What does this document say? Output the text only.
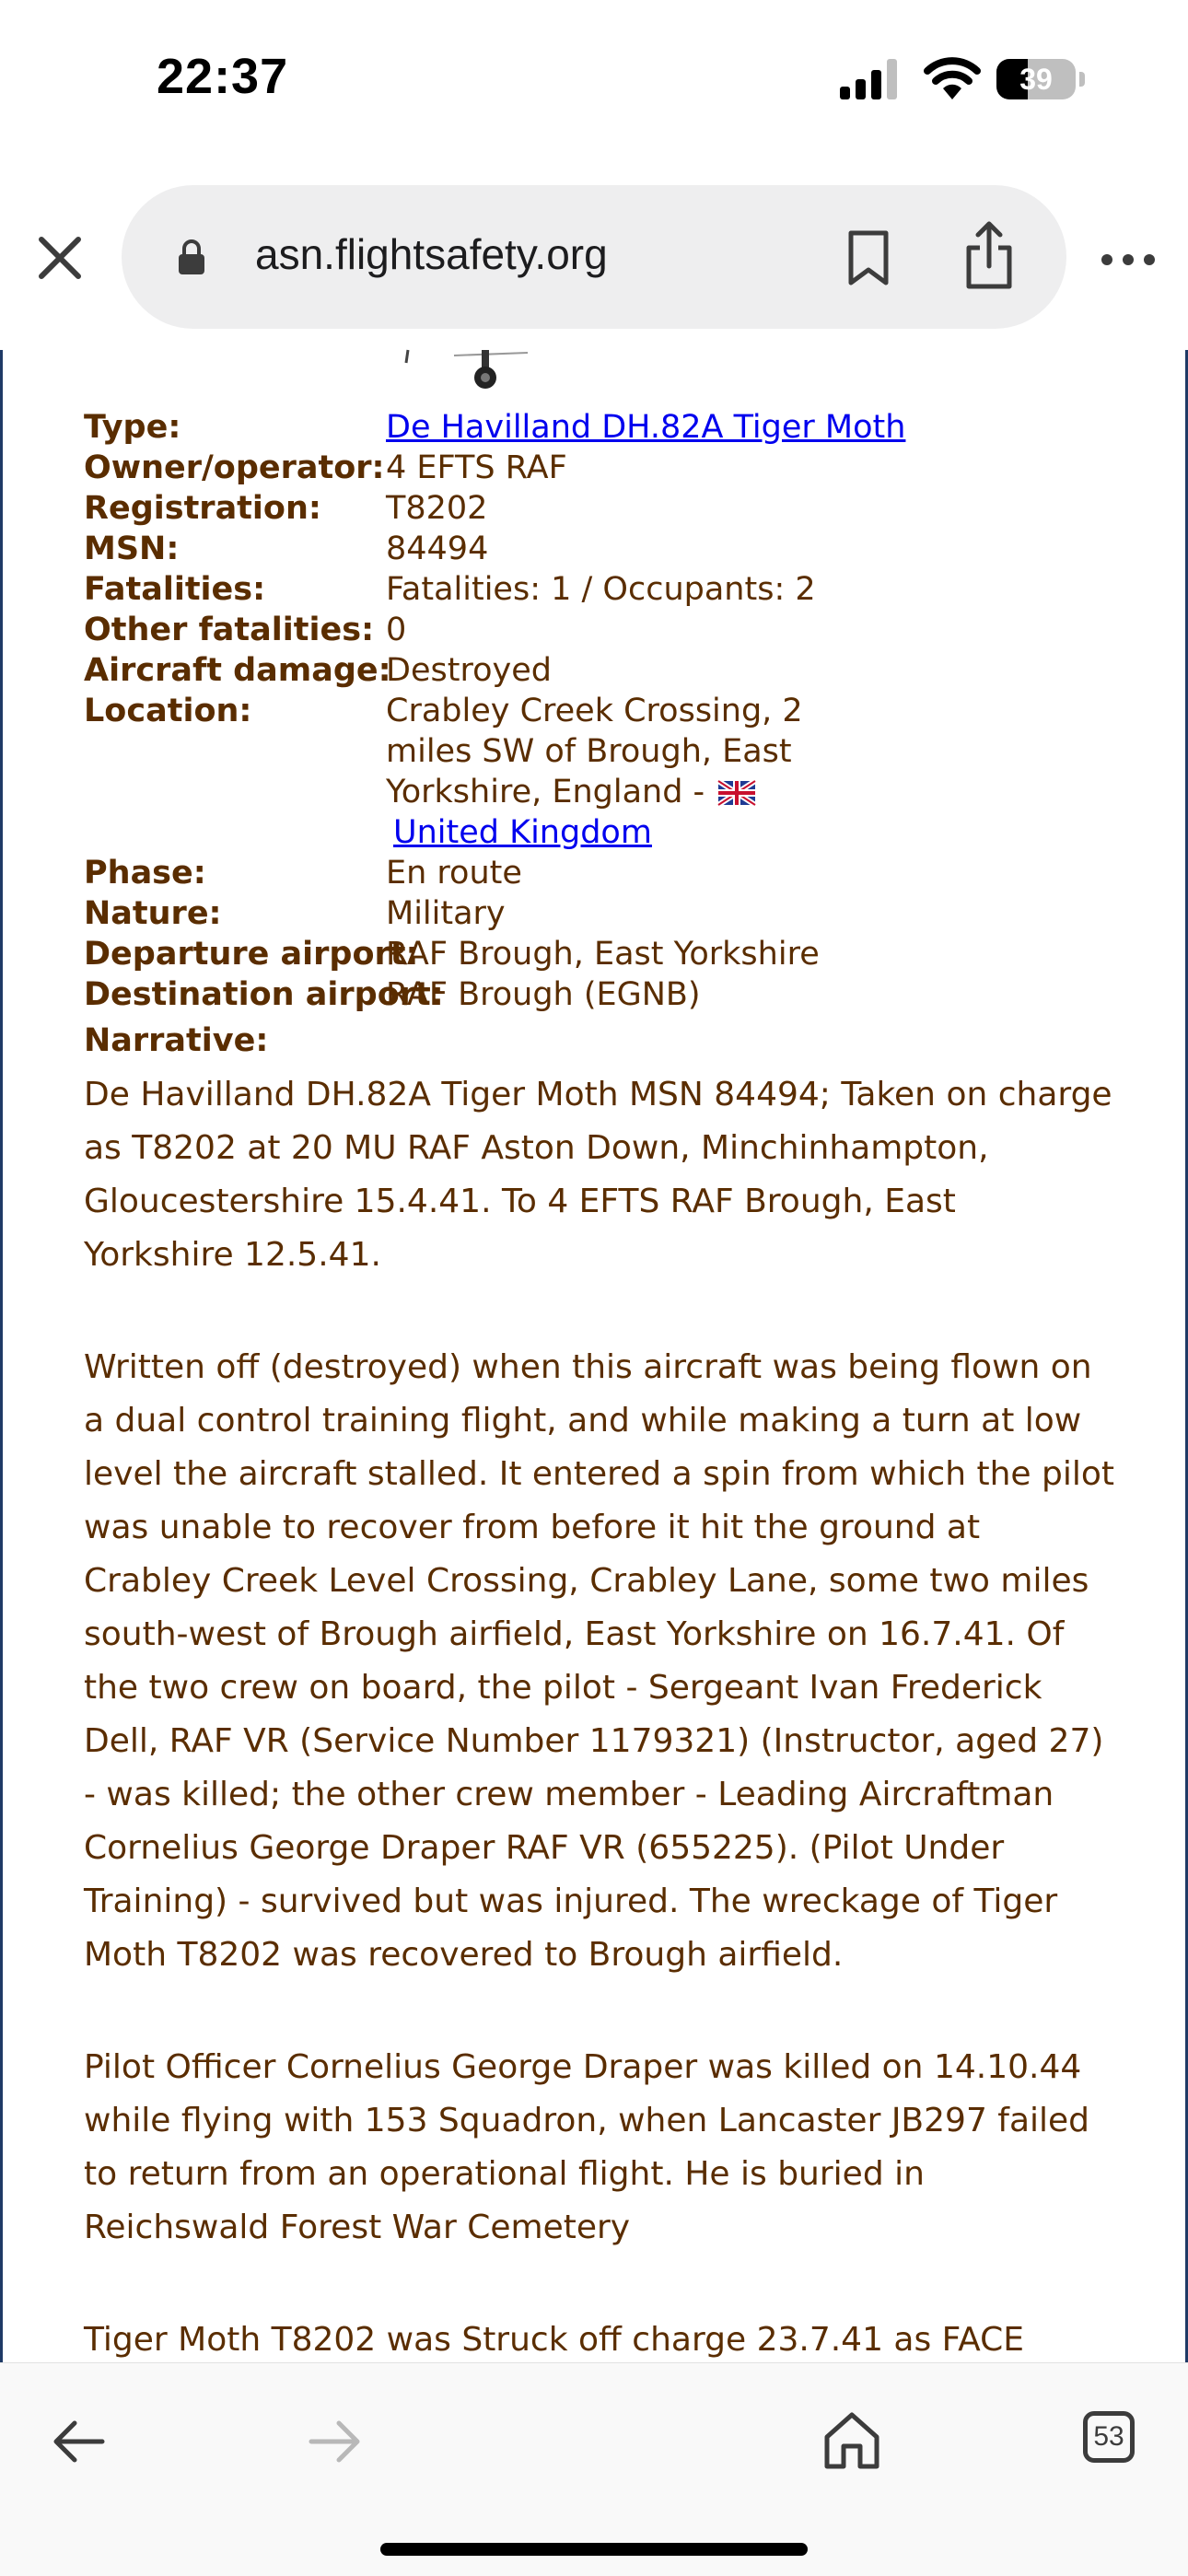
22:37	39
asn.flightsafety.org
Type:	De Havilland DH.82A Tiger Moth
Owner/operator: 4 EFTS RAF
Registration: T8202
MSN:	84494
Fatalities:	Fatalities: 1 / Occupants: 2
Other fatalities: 0
Aircraft damage:
Destroyed
Location:	Crabley Creek Crossing, 2 miles SW of Brough, East Yorkshire, England -
United Kingdom
Phase:	En route
Nature:	Military
Departure airport:
RAF Brough, East Yorkshire
Destination airport:
RAF Brough (EGNB)
Narrative:

De Havilland DH.82A Tiger Moth MSN 84494; Taken on charge as T8202 at 20 MU RAF Aston Down, Minchinhampton, Gloucestershire 15.4.41. To 4 EFTS RAF Brough, East Yorkshire 12.5.41.

Written off (destroyed) when this aircraft was being flown on a dual control training flight, and while making a turn at low level the aircraft stalled. It entered a spin from which the pilot was unable to recover from before it hit the ground at Crabley Creek Level Crossing, Crabley Lane, some two miles south-west of Brough airfield, East Yorkshire on 16.7.41. Of the two crew on board, the pilot - Sergeant Ivan Frederick Dell, RAF VR (Service Number 1179321) (Instructor, aged 27) - was killed; the other crew member - Leading Aircraftman Cornelius George Draper RAF VR (655225). (Pilot Under Training) - survived but was injured. The wreckage of Tiger Moth T8202 was recovered to Brough airfield.

Pilot Officer Cornelius George Draper was killed on 14.10.44 while flying with 153 Squadron, when Lancaster JB297 failed to return from an operational flight. He is buried in Reichswald Forest War Cemetery

Tiger Moth T8202 was Struck off charge 23.7.41 as FACE

53
